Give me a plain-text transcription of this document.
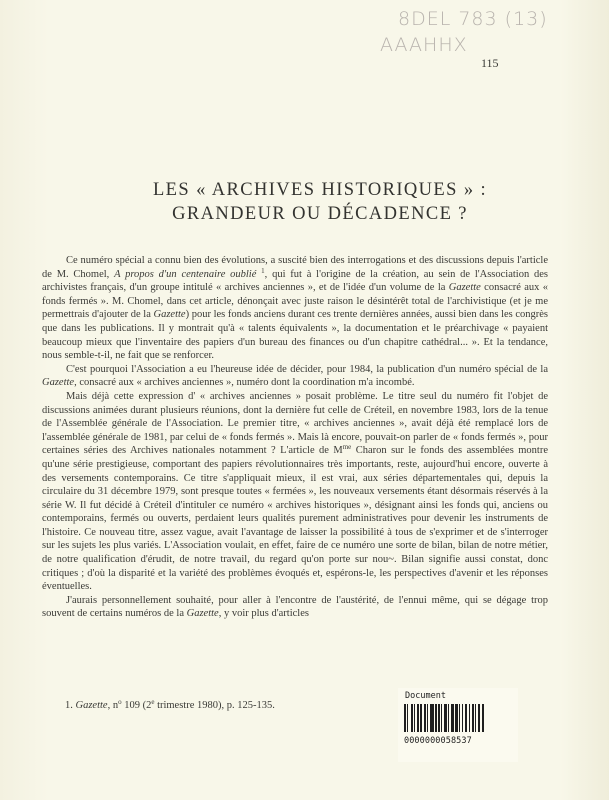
8DEL 783 (13)
AAAHHX
115
LES « ARCHIVES HISTORIQUES » :
GRANDEUR OU DÉCADENCE ?

Ce numéro spécial a connu bien des évolutions, a suscité bien des interrogations et des discussions depuis l'article de M. Chomel, A propos d'un centenaire oublié $^1$, qui fut à l'origine de la création, au sein de l'Association des archivistes français, d'un groupe intitulé « archives anciennes », et de l'idée d'un volume de la Gazette consacré aux « fonds fermés ». M. Chomel, dans cet article, dénonçait avec juste raison le désintérêt total de l'archivistique (et je me permettrais d'ajouter de la Gazette) pour les fonds anciens durant ces trente dernières années, aussi bien dans les congrès que dans les publications. Il y montrait qu'à « talents équivalents », la documentation et le préarchivage « payaient beaucoup mieux que l'inventaire des papiers d'un bureau des finances ou d'un chapitre cathédral... ». Et la tendance, nous semble-t-il, ne fait que se renforcer.

C'est pourquoi l'Association a eu l'heureuse idée de décider, pour 1984, la publication d'un numéro spécial de la Gazette, consacré aux « archives anciennes », numéro dont la coordination m'a incombé.

Mais déjà cette expression d' « archives anciennes » posait problème. Le titre seul du numéro fit l'objet de discussions animées durant plusieurs réunions, dont la dernière fut celle de Créteil, en novembre 1983, lors de la tenue de l'Assemblée générale de l'Association. Le premier titre, « archives anciennes », avait déjà été remplacé lors de l'assemblée générale de 1981, par celui de « fonds fermés ». Mais là encore, pouvait-on parler de « fonds fermés », pour certaines séries des Archives nationales notamment ? L'article de $M^{me}$ Charon sur le fonds des assemblées montre qu'une série prestigieuse, comportant des papiers révolutionnaires très importants, reste, aujourd'hui encore, ouverte à des versements contemporains. Ce titre s'appliquait mieux, il est vrai, aux séries départementales qui, depuis la circulaire du 31 décembre 1979, sont presque toutes « fermées », les nouveaux versements étant désormais réservés à la série W. Il fut décidé à Créteil d'intituler ce numéro « archives historiques », désignant ainsi les fonds qui, anciens ou contemporains, fermés ou ouverts, perdaient leurs qualités purement administratives pour devenir les instruments de l'histoire. Ce nouveau titre, assez vague, avait l'avantage de laisser la possibilité à tous de s'exprimer et de s'interroger sur les sujets les plus variés. L'Association voulait, en effet, faire de ce numéro une sorte de bilan, bilan de notre métier, de notre qualification d'érudit, de notre travail, du regard qu'on porte sur nou~. Bilan signifie aussi constat, donc critiques ; d'où la disparité et la variété des problèmes évoqués et, espérons-le, les perspectives d'avenir et les réponses éventuelles.

J'aurais personnellement souhaité, pour aller à l'encontre de l'austérité, de l'ennui même, qui se dégage trop souvent de certains numéros de la Gazette, y voir plus d'articles

1. Gazette, $n^o$ 109 (2e trimestre 1980), p. 125-135.
Document
0000000058537
